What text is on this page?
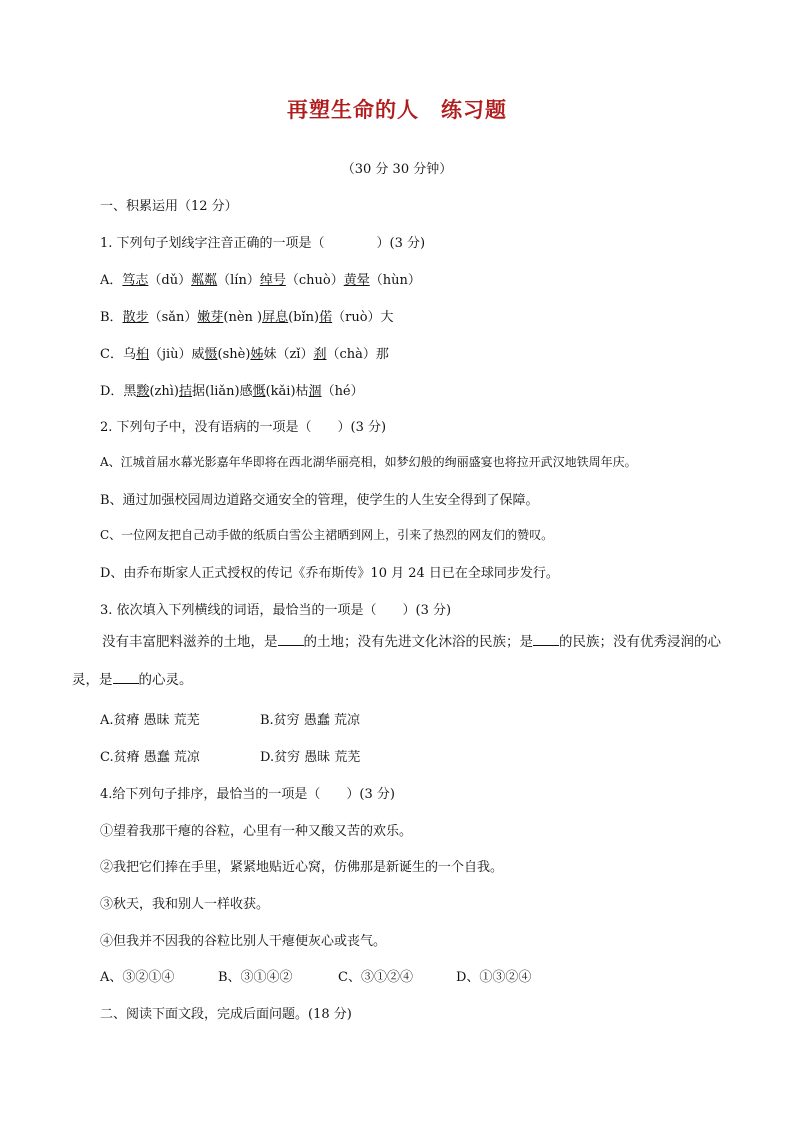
再塑生命的人　练习题
（30 分 30 分钟）
一、积累运用（12 分）
1. 下列句子划线字注音正确的一项是（　　　　）(3 分)
A．笃志（dǔ）粼粼（lín）绰号（chuò）黄晕（hùn）
B．散步（sǎn）嫩芽(nèn )屏息(bǐn)偌（ruò）大
C．乌桕（jiù）威慑(shè)姊妹（zǐ）刹（chà）那
D．黑黢(zhì)拮据(liǎn)感慨(kǎi)枯涸（hé）
2. 下列句子中，没有语病的一项是（　　）(3 分)
A、江城首届水幕光影嘉年华即将在西北湖华丽亮相，如梦幻般的绚丽盛宴也将拉开武汉地铁周年庆。
B、通过加强校园周边道路交通安全的管理，使学生的人生安全得到了保障。
C、一位网友把自己动手做的纸质白雪公主裙晒到网上，引来了热烈的网友们的赞叹。
D、由乔布斯家人正式授权的传记《乔布斯传》10 月 24 日已在全球同步发行。
3. 依次填入下列横线的词语，最恰当的一项是（　　）(3 分)
没有丰富肥料滋养的土地，是 的土地；没有先进文化沐浴的民族；是 的民族；没有优秀浸润的心灵，是 的心灵。
A.贫瘠 愚昧 荒芜	B.贫穷 愚蠢 荒凉
C.贫瘠 愚蠢 荒凉	D.贫穷 愚昧 荒芜
4.给下列句子排序，最恰当的一项是（　　）(3 分)
①望着我那干瘪的谷粒，心里有一种又酸又苦的欢乐。
②我把它们捧在手里，紧紧地贴近心窝，仿佛那是新诞生的一个自我。
③秋天，我和别人一样收获。
④但我并不因我的谷粒比别人干瘪便灰心或丧气。
A、③②①④	B、③①④②	C、③①②④	D、①③②④
二、阅读下面文段，完成后面问题。(18 分)
